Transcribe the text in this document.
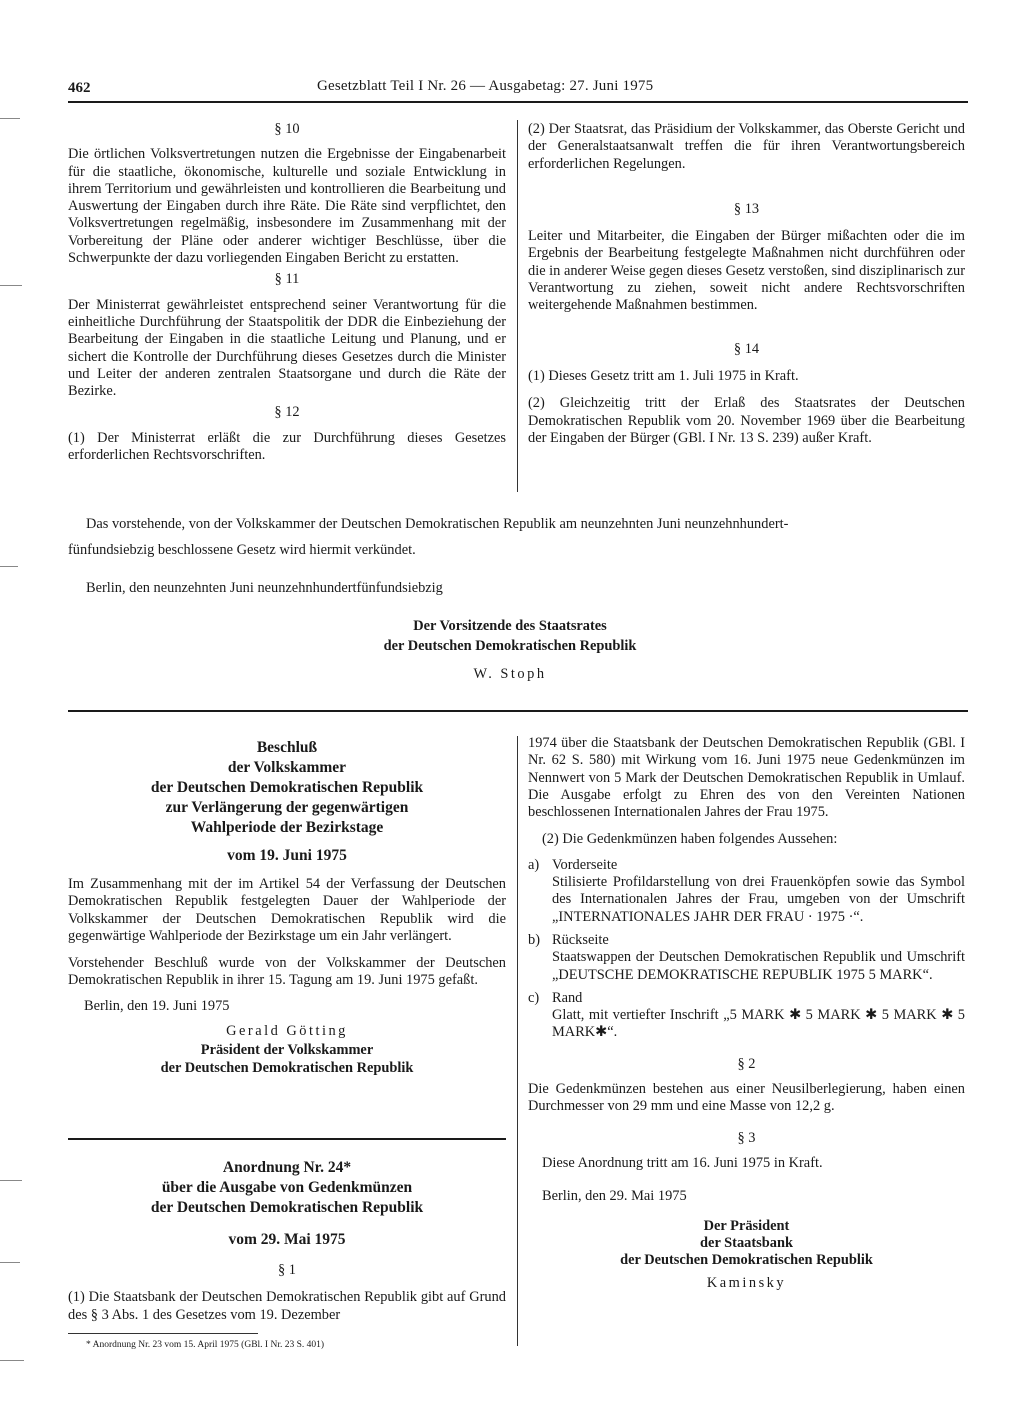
462	Gesetzblatt Teil I Nr. 26 — Ausgabetag: 27. Juni 1975

§ 10

Die örtlichen Volksvertretungen nutzen die Ergebnisse der Eingabenarbeit für die staatliche, ökonomische, kulturelle und soziale Entwicklung in ihrem Territorium und gewährleisten und kontrollieren die Bearbeitung und Auswertung der Eingaben durch ihre Räte. Die Räte sind verpflichtet, den Volksvertretungen regelmäßig, insbesondere im Zusammenhang mit der Vorbereitung der Pläne oder anderer wichtiger Beschlüsse, über die Schwerpunkte der dazu vorliegenden Eingaben Bericht zu erstatten.

§ 11

Der Ministerrat gewährleistet entsprechend seiner Verantwortung für die einheitliche Durchführung der Staatspolitik der DDR die Einbeziehung der Bearbeitung der Eingaben in die staatliche Leitung und Planung, und er sichert die Kontrolle der Durchführung dieses Gesetzes durch die Minister und Leiter der anderen zentralen Staatsorgane und durch die Räte der Bezirke.

§ 12

(1) Der Ministerrat erläßt die zur Durchführung dieses Gesetzes erforderlichen Rechtsvorschriften.

(2) Der Staatsrat, das Präsidium der Volkskammer, das Oberste Gericht und der Generalstaatsanwalt treffen die für ihren Verantwortungsbereich erforderlichen Regelungen.

§ 13

Leiter und Mitarbeiter, die Eingaben der Bürger mißachten oder die im Ergebnis der Bearbeitung festgelegte Maßnahmen nicht durchführen oder die in anderer Weise gegen dieses Gesetz verstoßen, sind disziplinarisch zur Verantwortung zu ziehen, soweit nicht andere Rechtsvorschriften weitergehende Maßnahmen bestimmen.

§ 14

(1) Dieses Gesetz tritt am 1. Juli 1975 in Kraft.

(2) Gleichzeitig tritt der Erlaß des Staatsrates der Deutschen Demokratischen Republik vom 20. November 1969 über die Bearbeitung der Eingaben der Bürger (GBl. I Nr. 13 S. 239) außer Kraft.

Das vorstehende, von der Volkskammer der Deutschen Demokratischen Republik am neunzehnten Juni neunzehnhundert-
fünfundsiebzig beschlossene Gesetz wird hiermit verkündet.
Berlin, den neunzehnten Juni neunzehnhundertfünfundsiebzig
Der Vorsitzende des Staatsrates
der Deutschen Demokratischen Republik
W. Stoph
Beschluß
der Volkskammer
der Deutschen Demokratischen Republik
zur Verlängerung der gegenwärtigen
Wahlperiode der Bezirkstage
vom 19. Juni 1975

Im Zusammenhang mit der im Artikel 54 der Verfassung der Deutschen Demokratischen Republik festgelegten Dauer der Wahlperiode der Volkskammer der Deutschen Demokratischen Republik wird die gegenwärtige Wahlperiode der Bezirkstage um ein Jahr verlängert.

Vorstehender Beschluß wurde von der Volkskammer der Deutschen Demokratischen Republik in ihrer 15. Tagung am 19. Juni 1975 gefaßt.

Berlin, den 19. Juni 1975

Gerald Götting

Präsident der Volkskammer

der Deutschen Demokratischen Republik

Anordnung Nr. 24*
über die Ausgabe von Gedenkmünzen
der Deutschen Demokratischen Republik
vom 29. Mai 1975

§ 1

(1) Die Staatsbank der Deutschen Demokratischen Republik gibt auf Grund des § 3 Abs. 1 des Gesetzes vom 19. Dezember

* Anordnung Nr. 23 vom 15. April 1975 (GBl. I Nr. 23 S. 401)

1974 über die Staatsbank der Deutschen Demokratischen Republik (GBl. I Nr. 62 S. 580) mit Wirkung vom 16. Juni 1975 neue Gedenkmünzen im Nennwert von 5 Mark der Deutschen Demokratischen Republik in Umlauf. Die Ausgabe erfolgt zu Ehren des von den Vereinten Nationen beschlossenen Internationalen Jahres der Frau 1975.

(2) Die Gedenkmünzen haben folgendes Aussehen:

a) Vorderseite
Stilisierte Profildarstellung von drei Frauenköpfen sowie das Symbol des Internationalen Jahres der Frau, umgeben von der Umschrift „INTERNATIONALES JAHR DER FRAU · 1975 ·“.
b) Rückseite
Staatswappen der Deutschen Demokratischen Republik und Umschrift „DEUTSCHE DEMOKRATISCHE REPUBLIK 1975 5 MARK“.
c) Rand
Glatt, mit vertiefter Inschrift „5 MARK ✱ 5 MARK ✱ 5 MARK ✱ 5 MARK✱“.

§ 2

Die Gedenkmünzen bestehen aus einer Neusilberlegierung, haben einen Durchmesser von 29 mm und eine Masse von 12,2 g.

§ 3

Diese Anordnung tritt am 16. Juni 1975 in Kraft.

Berlin, den 29. Mai 1975

Der Präsident

der Staatsbank

der Deutschen Demokratischen Republik

Kaminsky
